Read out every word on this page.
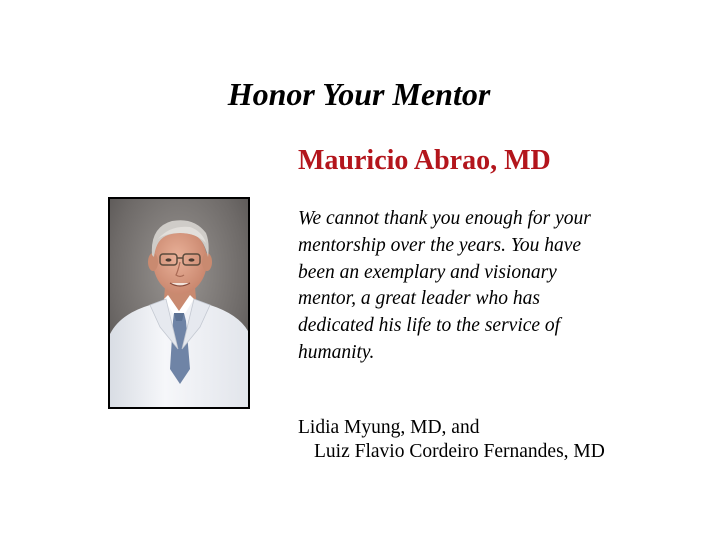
Honor Your Mentor
Mauricio Abrao, MD
We cannot thank you enough for your
mentorship over the years. You have
been an exemplary and visionary
mentor, a great leader who has
dedicated his life to the service of
humanity.
Lidia Myung, MD, and
Luiz Flavio Cordeiro Fernandes, MD
